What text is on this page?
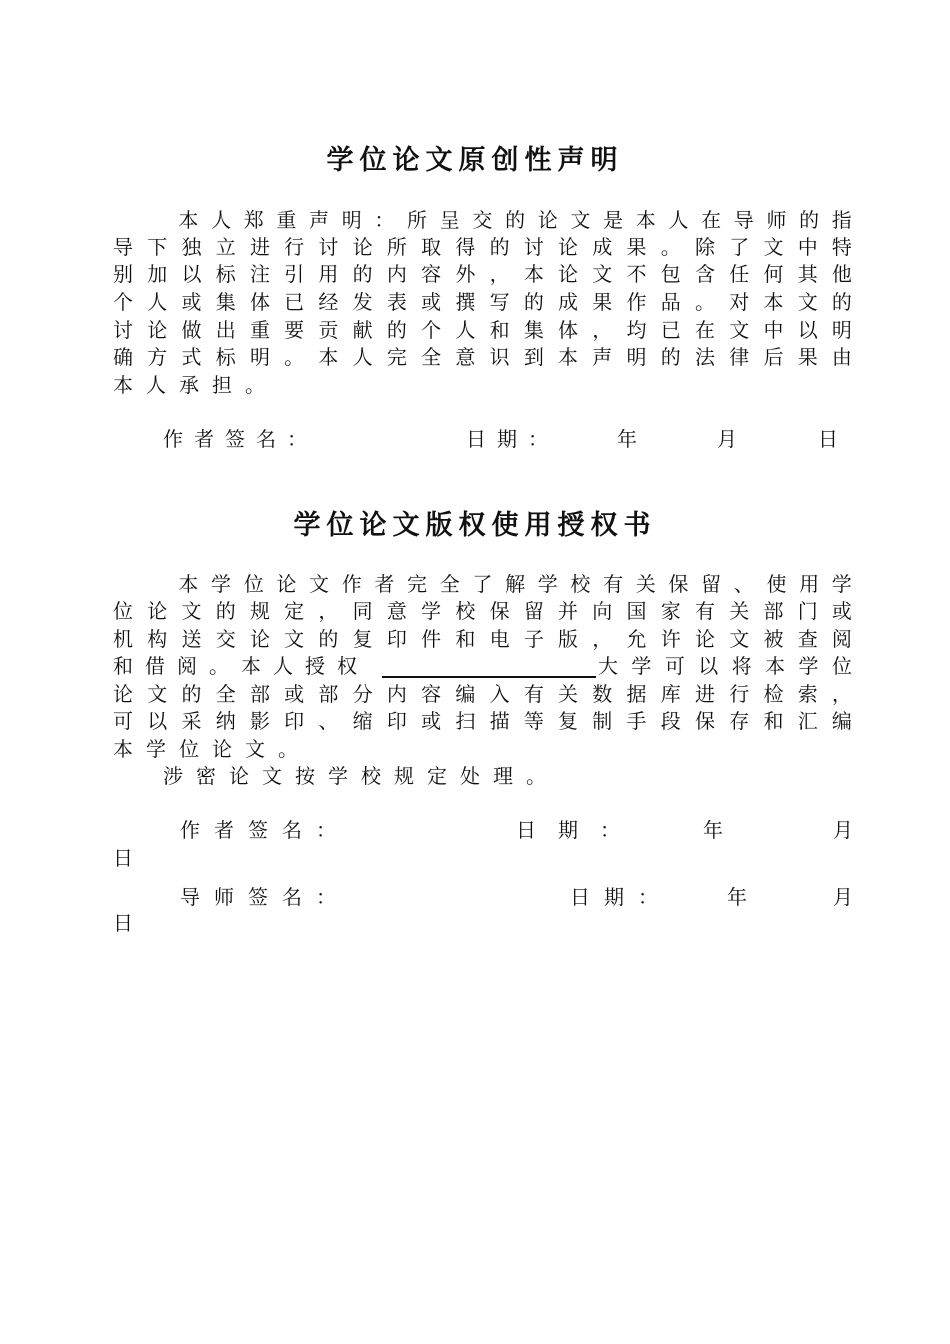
学位论文原创性声明

本 人 郑 重 声 明 ： 所 呈 交 的 论 文 是 本 人 在 导 师 的 指
导 下 独 立 进 行 讨 论 所 取 得 的 讨 论 成 果 。 除 了 文 中 特
别 加 以 标 注 引 用 的 内 容 外 ， 本 论 文 不 包 含 任 何 其 他
个 人 或 集 体 已 经 发 表 或 撰 写 的 成 果 作 品 。 对 本 文 的
讨 论 做 出 重 要 贡 献 的 个 人 和 集 体 ， 均 已 在 文 中 以 明
确 方 式 标 明 。 本 人 完 全 意 识 到 本 声 明 的 法 律 后 果 由
本人承担。
作者签名：	日期：	年	月	日
学位论文版权使用授权书

本 学 位 论 文 作 者 完 全 了 解 学 校 有 关 保 留 、 使 用 学
位 论 文 的 规 定 ， 同 意 学 校 保 留 并 向 国 家 有 关 部 门 或
机 构 送 交 论 文 的 复 印 件 和 电 子 版 ， 允 许 论 文 被 查 阅
和借阅。本人授权	大 学 可 以 将 本 学 位
论 文 的 全 部 或 部 分 内 容 编 入 有 关 数 据 库 进 行 检 索 ，
可 以 采 纳 影 印 、 缩 印 或 扫 描 等 复 制 手 段 保 存 和 汇 编
本学位论文。
涉密论文按学校规定处理。
作者签名：	日期：	年	月
日
导师签名：	日期：	年	月
日
